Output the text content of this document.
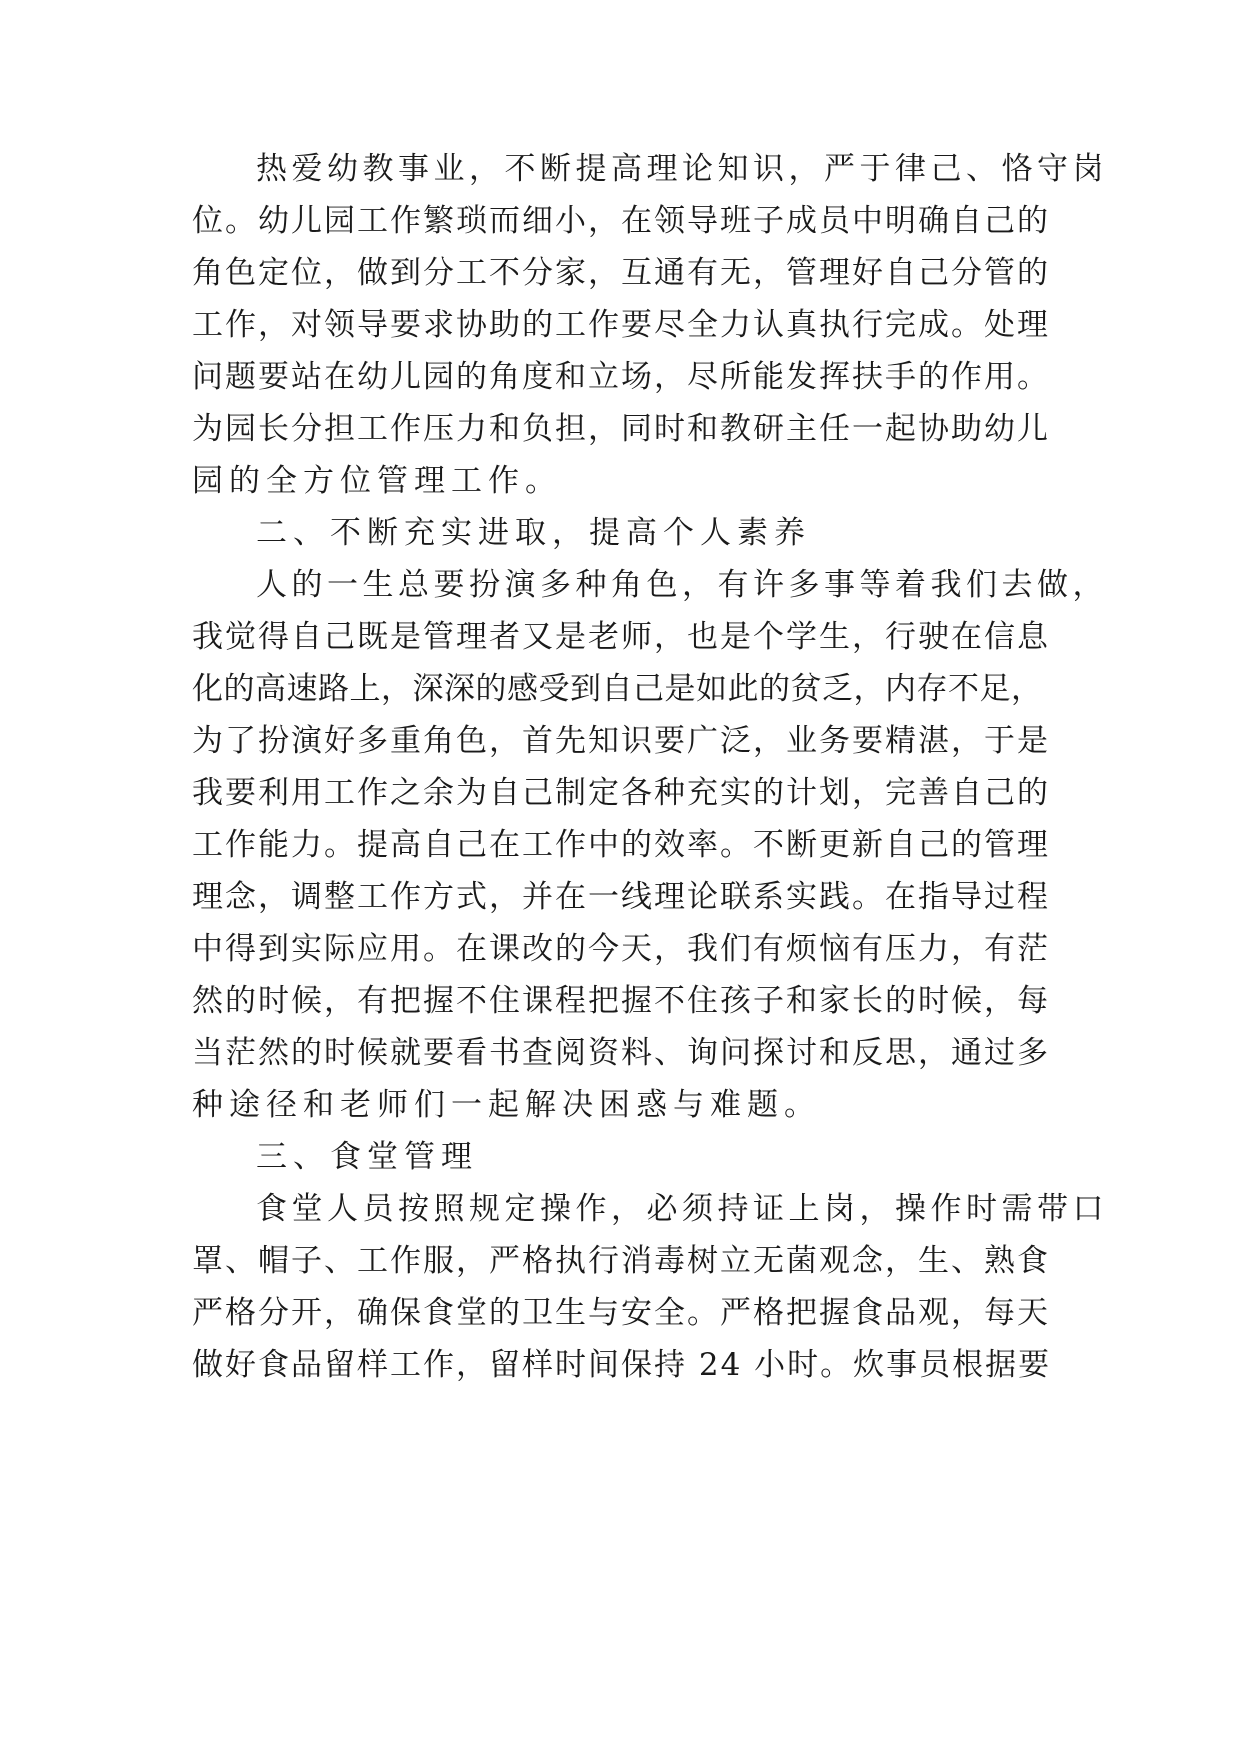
热爱幼教事业，不断提高理论知识，严于律己、恪守岗
位。幼儿园工作繁琐而细小，在领导班子成员中明确自己的
角色定位，做到分工不分家，互通有无，管理好自己分管的
工作，对领导要求协助的工作要尽全力认真执行完成。处理
问题要站在幼儿园的角度和立场，尽所能发挥扶手的作用。
为园长分担工作压力和负担，同时和教研主任一起协助幼儿
园的全方位管理工作。
二、不断充实进取，提高个人素养
人的一生总要扮演多种角色，有许多事等着我们去做，
我觉得自己既是管理者又是老师，也是个学生，行驶在信息
化的高速路上，深深的感受到自己是如此的贫乏，内存不足，
为了扮演好多重角色，首先知识要广泛，业务要精湛，于是
我要利用工作之余为自己制定各种充实的计划，完善自己的
工作能力。提高自己在工作中的效率。不断更新自己的管理
理念，调整工作方式，并在一线理论联系实践。在指导过程
中得到实际应用。在课改的今天，我们有烦恼有压力，有茫
然的时候，有把握不住课程把握不住孩子和家长的时候，每
当茫然的时候就要看书查阅资料、询问探讨和反思，通过多
种途径和老师们一起解决困惑与难题。
三、食堂管理
食堂人员按照规定操作，必须持证上岗，操作时需带口
罩、帽子、工作服，严格执行消毒树立无菌观念，生、熟食
严格分开，确保食堂的卫生与安全。严格把握食品观，每天
做好食品留样工作，留样时间保持 24 小时。炊事员根据要
